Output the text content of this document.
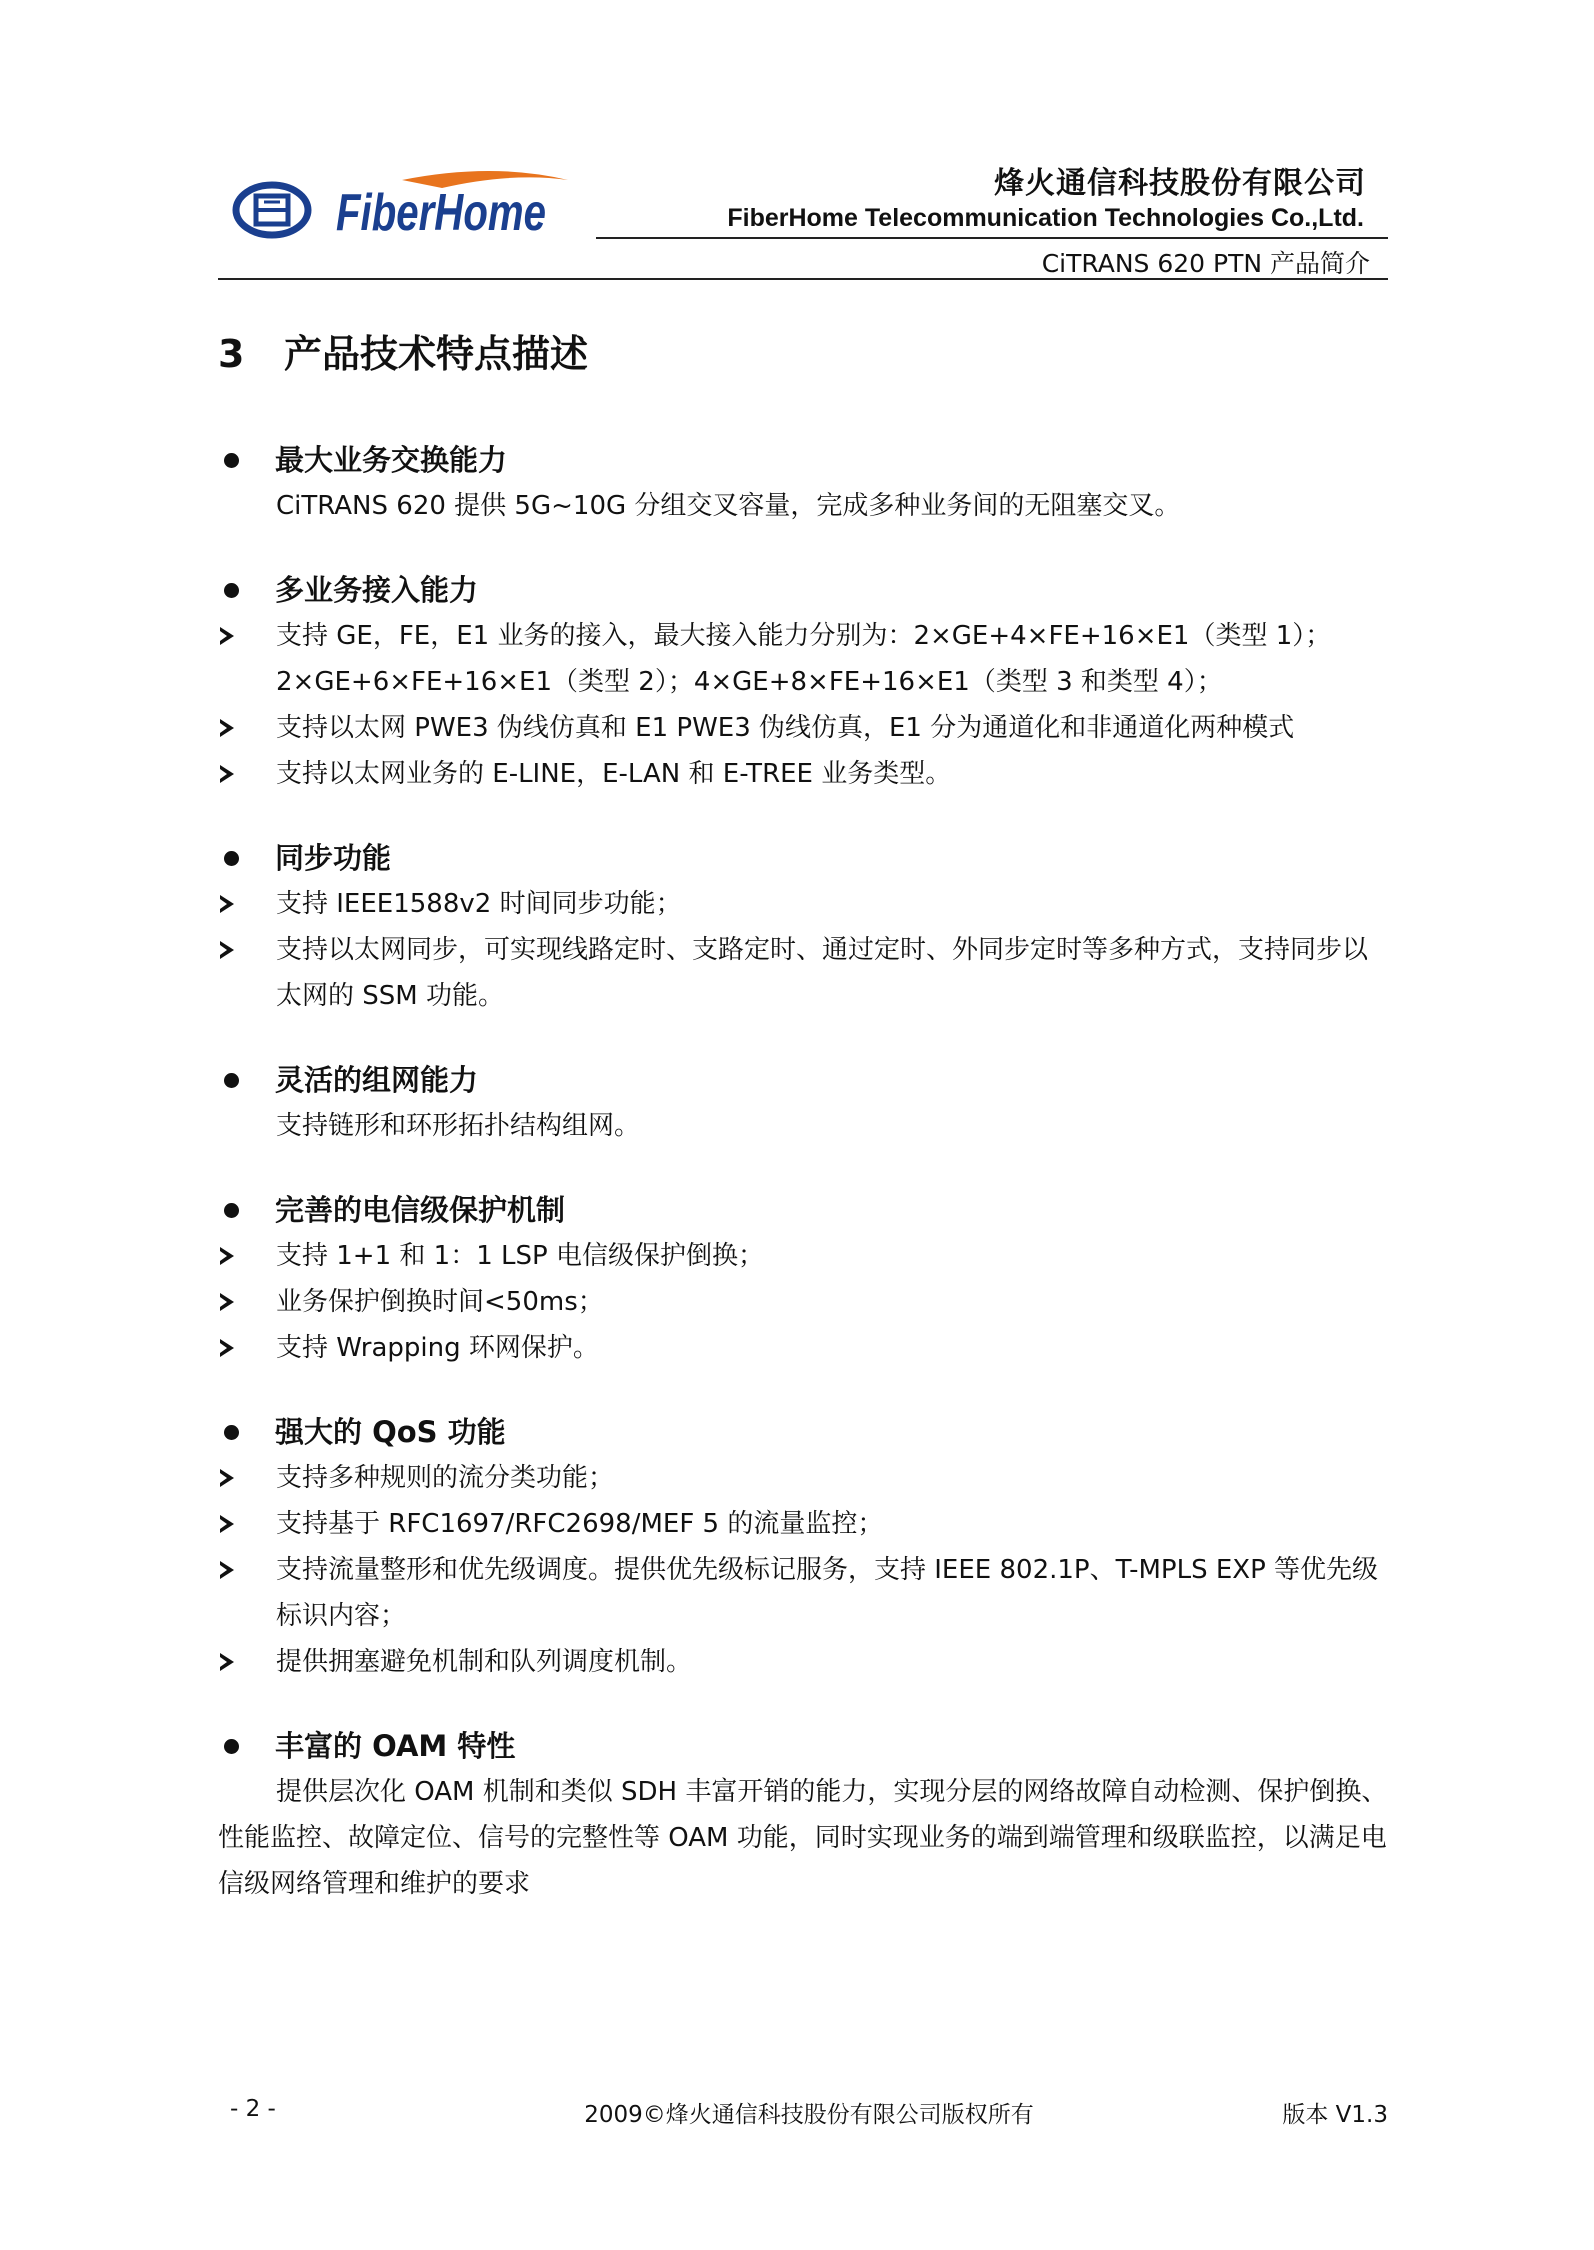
FiberHome
烽火通信科技股份有限公司
FiberHome Telecommunication Technologies Co.,Ltd.
CiTRANS 620 PTN 产品简介
3 产品技术特点描述
最大业务交换能力

CiTRANS 620 提供 5G~10G 分组交叉容量，完成多种业务间的无阻塞交叉。

多业务接入能力
支持 GE，FE，E1 业务的接入，最大接入能力分别为：2×GE+4×FE+16×E1（类型 1）；2×GE+6×FE+16×E1（类型 2）；4×GE+8×FE+16×E1（类型 3 和类型 4）；
支持以太网 PWE3 伪线仿真和 E1 PWE3 伪线仿真，E1 分为通道化和非通道化两种模式
支持以太网业务的 E-LINE，E-LAN 和 E-TREE 业务类型。
同步功能
支持 IEEE1588v2 时间同步功能；
支持以太网同步，可实现线路定时、支路定时、通过定时、外同步定时等多种方式，支持同步以太网的 SSM 功能。
灵活的组网能力

支持链形和环形拓扑结构组网。

完善的电信级保护机制
支持 1+1 和 1：1 LSP 电信级保护倒换；
业务保护倒换时间<50ms；
支持 Wrapping 环网保护。
强大的 QoS 功能
支持多种规则的流分类功能；
支持基于 RFC1697/RFC2698/MEF 5 的流量监控；
支持流量整形和优先级调度。提供优先级标记服务，支持 IEEE 802.1P、T-MPLS EXP 等优先级标识内容；
提供拥塞避免机制和队列调度机制。
丰富的 OAM 特性

提供层次化 OAM 机制和类似 SDH 丰富开销的能力，实现分层的网络故障自动检测、保护倒换、性能监控、故障定位、信号的完整性等 OAM 功能，同时实现业务的端到端管理和级联监控，以满足电信级网络管理和维护的要求

- 2 -	2009©烽火通信科技股份有限公司版权所有	版本 V1.3
